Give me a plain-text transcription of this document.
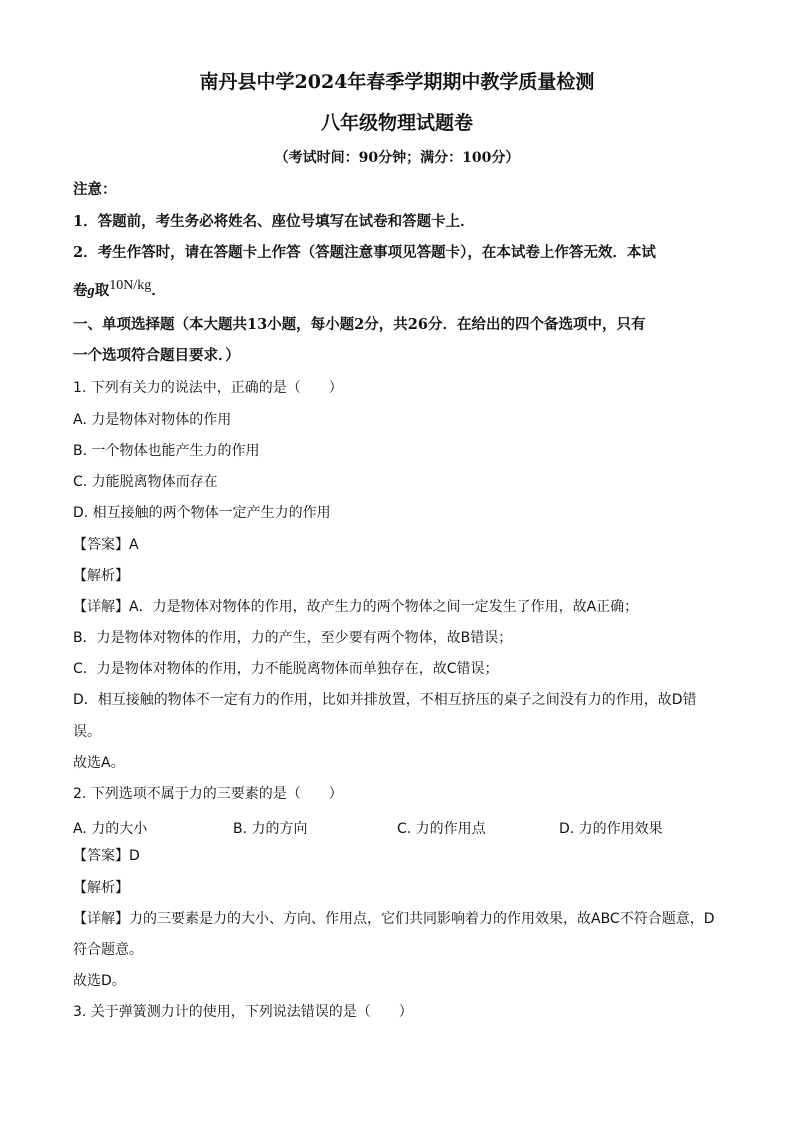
南丹县中学2024年春季学期期中教学质量检测
八年级物理试题卷
（考试时间：90分钟；满分：100分）
注意：
1．答题前，考生务必将姓名、座位号填写在试卷和答题卡上．
2．考生作答时，请在答题卡上作答（答题注意事项见答题卡），在本试卷上作答无效．本试
卷g取10N/kg．
一、单项选择题（本大题共13小题，每小题2分，共26分．在给出的四个备选项中，只有
一个选项符合题目要求．）
1. 下列有关力的说法中，正确的是（　　）
A. 力是物体对物体的作用
B. 一个物体也能产生力的作用
C. 力能脱离物体而存在
D. 相互接触的两个物体一定产生力的作用
【答案】A
【解析】
【详解】A．力是物体对物体的作用，故产生力的两个物体之间一定发生了作用，故A正确；
B．力是物体对物体的作用，力的产生，至少要有两个物体，故B错误；
C．力是物体对物体的作用，力不能脱离物体而单独存在，故C错误；
D．相互接触的物体不一定有力的作用，比如并排放置，不相互挤压的桌子之间没有力的作用，故D错
误。
故选A。
2. 下列选项不属于力的三要素的是（　　）
A. 力的大小	B. 力的方向	C. 力的作用点	D. 力的作用效果
【答案】D
【解析】
【详解】力的三要素是力的大小、方向、作用点，它们共同影响着力的作用效果，故ABC不符合题意，D
符合题意。
故选D。
3. 关于弹簧测力计的使用，下列说法错误的是（　　）
